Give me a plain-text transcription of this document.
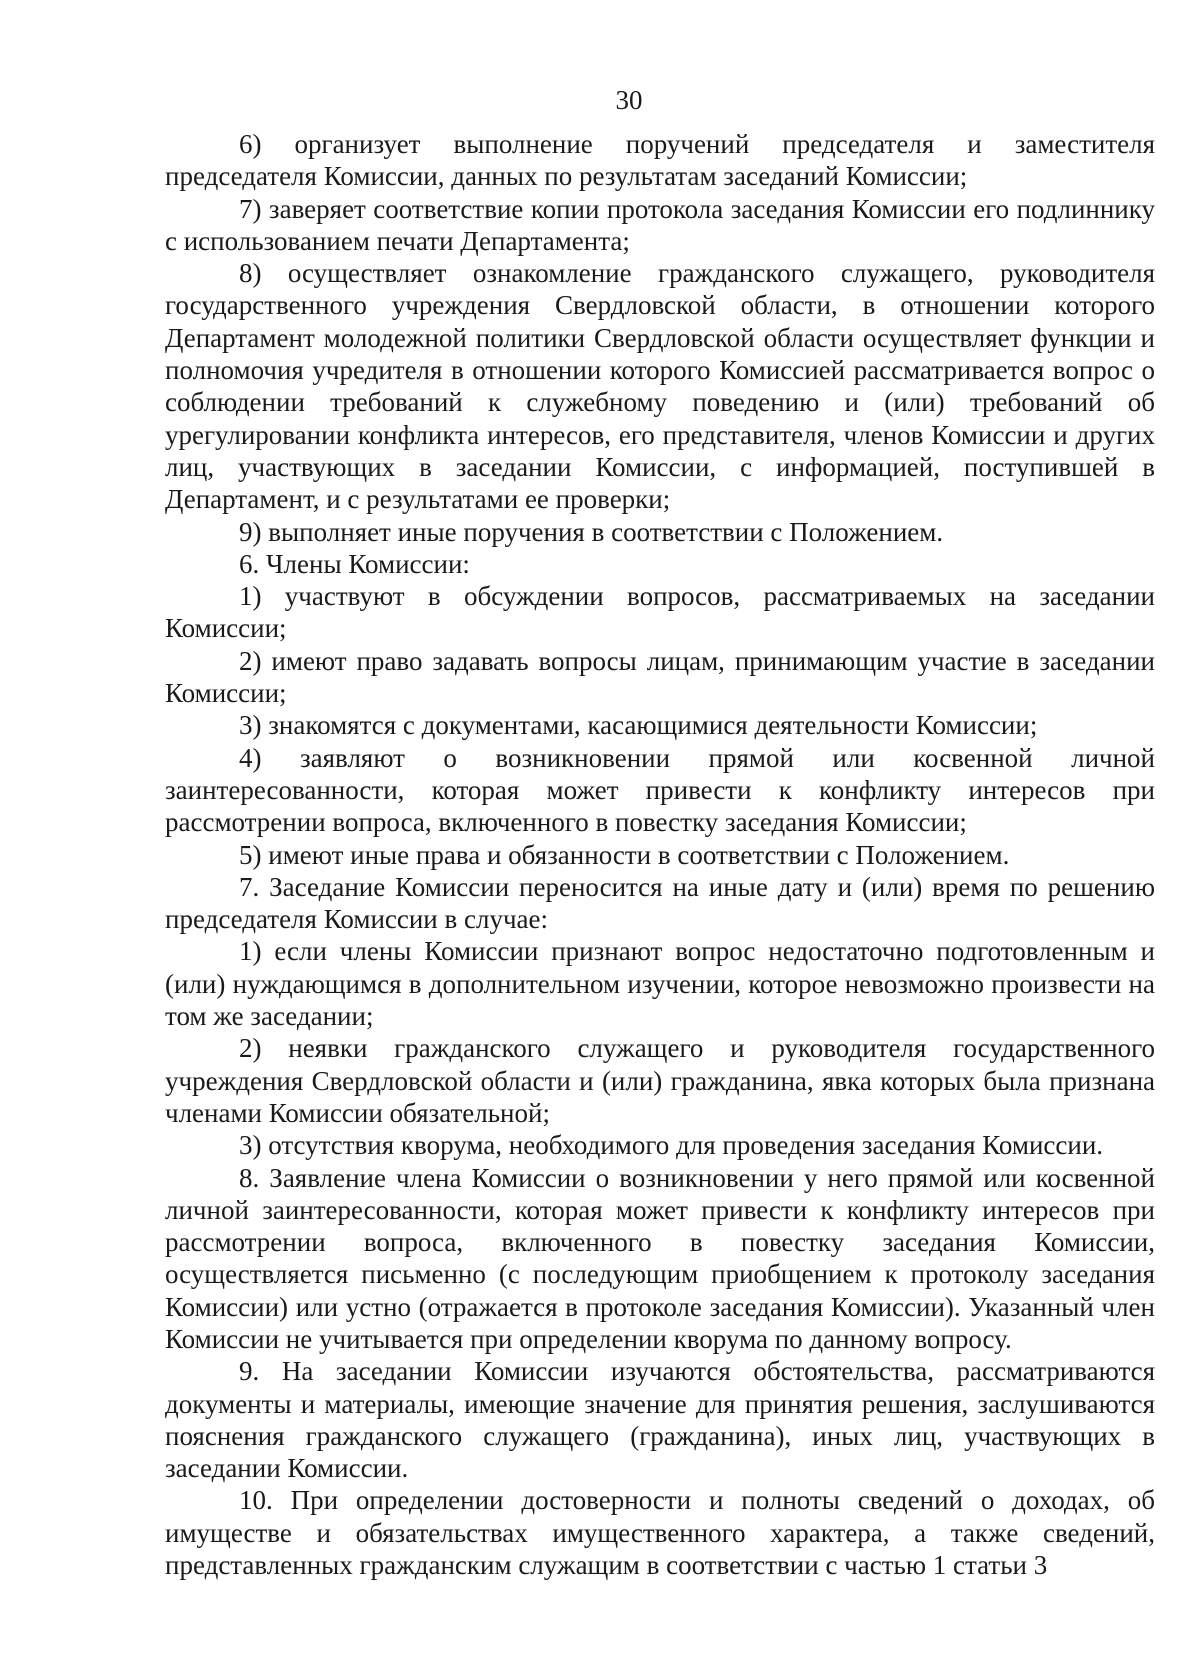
30

6) организует выполнение поручений председателя и заместителя председателя Комиссии, данных по результатам заседаний Комиссии;

7) заверяет соответствие копии протокола заседания Комиссии его подлиннику с использованием печати Департамента;

8) осуществляет ознакомление гражданского служащего, руководителя государственного учреждения Свердловской области, в отношении которого Департамент молодежной политики Свердловской области осуществляет функции и полномочия учредителя в отношении которого Комиссией рассматривается вопрос о соблюдении требований к служебному поведению и (или) требований об урегулировании конфликта интересов, его представителя, членов Комиссии и других лиц, участвующих в заседании Комиссии, с информацией, поступившей в Департамент, и с результатами ее проверки;

9) выполняет иные поручения в соответствии с Положением.

6. Члены Комиссии:

1) участвуют в обсуждении вопросов, рассматриваемых на заседании Комиссии;

2) имеют право задавать вопросы лицам, принимающим участие в заседании Комиссии;

3) знакомятся с документами, касающимися деятельности Комиссии;

4) заявляют о возникновении прямой или косвенной личной заинтересованности, которая может привести к конфликту интересов при рассмотрении вопроса, включенного в повестку заседания Комиссии;

5) имеют иные права и обязанности в соответствии с Положением.

7. Заседание Комиссии переносится на иные дату и (или) время по решению председателя Комиссии в случае:

1) если члены Комиссии признают вопрос недостаточно подготовленным и (или) нуждающимся в дополнительном изучении, которое невозможно произвести на том же заседании;

2) неявки гражданского служащего и руководителя государственного учреждения Свердловской области и (или) гражданина, явка которых была признана членами Комиссии обязательной;

3) отсутствия кворума, необходимого для проведения заседания Комиссии.

8. Заявление члена Комиссии о возникновении у него прямой или косвенной личной заинтересованности, которая может привести к конфликту интересов при рассмотрении вопроса, включенного в повестку заседания Комиссии, осуществляется письменно (с последующим приобщением к протоколу заседания Комиссии) или устно (отражается в протоколе заседания Комиссии). Указанный член Комиссии не учитывается при определении кворума по данному вопросу.

9. На заседании Комиссии изучаются обстоятельства, рассматриваются документы и материалы, имеющие значение для принятия решения, заслушиваются пояснения гражданского служащего (гражданина), иных лиц, участвующих в заседании Комиссии.

10. При определении достоверности и полноты сведений о доходах, об имуществе и обязательствах имущественного характера, а также сведений, представленных гражданским служащим в соответствии с частью 1 статьи 3
